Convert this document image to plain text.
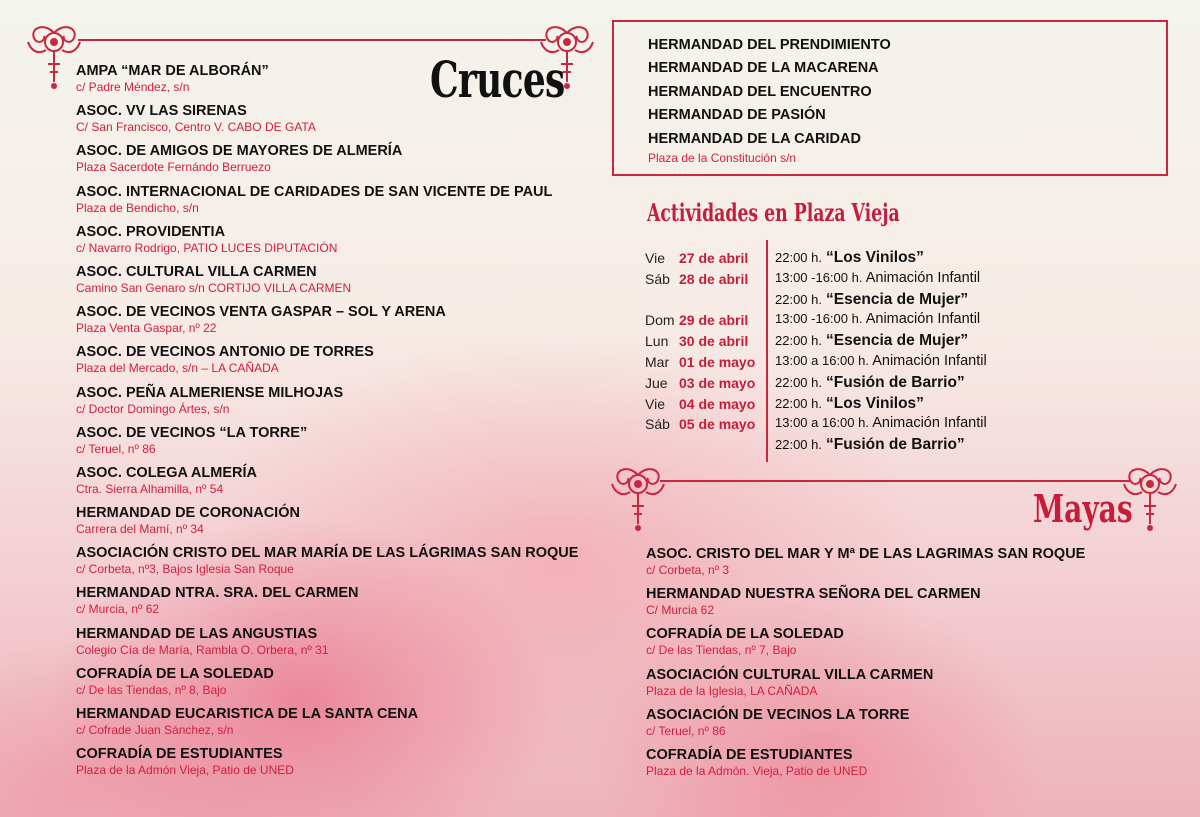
Cruces
AMPA “MAR DE ALBORÁN”
c/ Padre Méndez, s/n
ASOC. VV LAS SIRENAS
C/ San Francisco, Centro V. CABO DE GATA
ASOC. DE AMIGOS DE MAYORES DE ALMERÍA
Plaza Sacerdote Fernándo Berruezo
ASOC. INTERNACIONAL DE CARIDADES DE SAN VICENTE DE PAUL
Plaza de Bendicho, s/n
ASOC. PROVIDENTIA
c/ Navarro Rodrigo, PATIO LUCES DIPUTACIÓN
ASOC. CULTURAL VILLA CARMEN
Camino San Genaro s/n CORTIJO VILLA CARMEN
ASOC. DE VECINOS VENTA GASPAR – SOL Y ARENA
Plaza Venta Gaspar, nº 22
ASOC. DE VECINOS ANTONIO DE TORRES
Plaza del Mercado, s/n – LA CAÑADA
ASOC. PEÑA ALMERIENSE MILHOJAS
c/ Doctor Domingo Ártes, s/n
ASOC. DE VECINOS “LA TORRE”
c/ Teruel, nº 86
ASOC. COLEGA ALMERÍA
Ctra. Sierra Alhamilla, nº 54
HERMANDAD DE CORONACIÓN
Carrera del Mamí, nº 34
ASOCIACIÓN CRISTO DEL MAR MARÍA DE LAS LÁGRIMAS SAN ROQUE
c/ Corbeta, nº3, Bajos Iglesia San Roque
HERMANDAD NTRA. SRA. DEL CARMEN
c/ Murcia, nº 62
HERMANDAD DE LAS ANGUSTIAS
Colegio Cía de María, Rambla O. Orbera, nº 31
COFRADÍA DE LA SOLEDAD
c/ De las Tiendas, nº 8, Bajo
HERMANDAD EUCARISTICA DE LA SANTA CENA
c/ Cofrade Juan Sánchez, s/n
COFRADÍA DE ESTUDIANTES
Plaza de la Admón Vieja, Patio de UNED
HERMANDAD DEL PRENDIMIENTO
HERMANDAD DE LA MACARENA
HERMANDAD DEL ENCUENTRO
HERMANDAD DE PASIÓN
HERMANDAD DE LA CARIDAD
Plaza de la Constitución s/n
Actividades en Plaza Vieja
Vie 27 de abril 22:00 h. “Los Vinilos”
Sáb 28 de abril 13:00 -16:00 h. Animación Infantil
22:00 h. “Esencia de Mujer”
Dom 29 de abril 13:00 -16:00 h. Animación Infantil
Lun 30 de abril 22:00 h. “Esencia de Mujer”
Mar 01 de mayo 13:00 a 16:00 h. Animación Infantil
Jue 03 de mayo 22:00 h. “Fusión de Barrio”
Vie 04 de mayo 22:00 h. “Los Vinilos”
Sáb 05 de mayo 13:00 a 16:00 h. Animación Infantil
22:00 h. “Fusión de Barrio”
Mayas
ASOC. CRISTO DEL MAR Y Mª DE LAS LAGRIMAS SAN ROQUE
c/ Corbeta, nº 3
HERMANDAD NUESTRA SEÑORA DEL CARMEN
C/ Murcia 62
COFRADÍA DE LA SOLEDAD
c/ De las Tiendas, nº 7, Bajo
ASOCIACIÓN CULTURAL VILLA CARMEN
Plaza de la Iglesia, LA CAÑADA
ASOCIACIÓN DE VECINOS LA TORRE
c/ Teruel, nº 86
COFRADÍA DE ESTUDIANTES
Plaza de la Admón. Vieja, Patio de UNED
